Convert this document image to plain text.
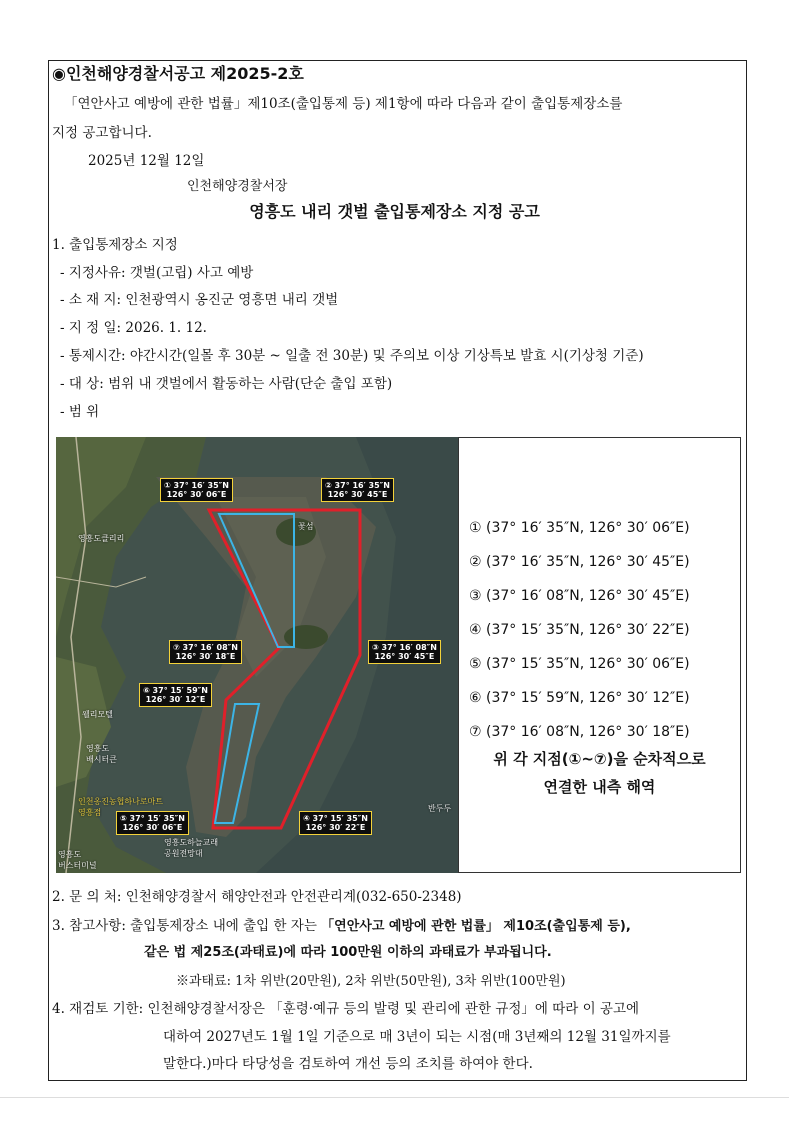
◉인천해양경찰서공고 제2025-2호
「연안사고 예방에 관한 법률」제10조(출입통제 등) 제1항에 따라 다음과 같이 출입통제장소를
지정 공고합니다.
2025년 12월 12일
인천해양경찰서장
영흥도 내리 갯벌 출입통제장소 지정 공고
1. 출입통제장소 지정
- 지정사유: 갯벌(고립) 사고 예방
- 소 재 지: 인천광역시 옹진군 영흥면 내리 갯벌
- 지 정 일: 2026. 1. 12.
- 통제시간: 야간시간(일몰 후 30분 ~ 일출 전 30분) 및 주의보 이상 기상특보 발효 시(기상청 기준)
- 대 상: 범위 내 갯벌에서 활동하는 사람(단순 출입 포함)
- 범 위
① 37° 16′ 35″N
126° 30′ 06″E
② 37° 16′ 35″N
126° 30′ 45″E
③ 37° 16′ 08″N
126° 30′ 45″E
④ 37° 15′ 35″N
126° 30′ 22″E
⑤ 37° 15′ 35″N
126° 30′ 06″E
⑥ 37° 15′ 59″N
126° 30′ 12″E
⑦ 37° 16′ 08″N
126° 30′ 18″E
영흥도클리리
꽃섬
웰리모텔
영흥도
배시터큰
인천옹진농협하나로마트
영흥점
영흥도하늘교래
공원전망대
영흥도
버스터미널
반두두
① (37° 16′ 35″N, 126° 30′ 06″E)
② (37° 16′ 35″N, 126° 30′ 45″E)
③ (37° 16′ 08″N, 126° 30′ 45″E)
④ (37° 15′ 35″N, 126° 30′ 22″E)
⑤ (37° 15′ 35″N, 126° 30′ 06″E)
⑥ (37° 15′ 59″N, 126° 30′ 12″E)
⑦ (37° 16′ 08″N, 126° 30′ 18″E)
위 각 지점(①~⑦)을 순차적으로
연결한 내측 해역
2. 문 의 처: 인천해양경찰서 해양안전과 안전관리계(032-650-2348)
3. 참고사항: 출입통제장소 내에 출입 한 자는 「연안사고 예방에 관한 법률」 제10조(출입통제 등),
같은 법 제25조(과태료)에 따라 100만원 이하의 과태료가 부과됩니다.
※과태료: 1차 위반(20만원), 2차 위반(50만원), 3차 위반(100만원)
4. 재검토 기한: 인천해양경찰서장은 「훈령·예규 등의 발령 및 관리에 관한 규정」에 따라 이 공고에
대하여 2027년도 1월 1일 기준으로 매 3년이 되는 시점(매 3년째의 12월 31일까지를
말한다.)마다 타당성을 검토하여 개선 등의 조치를 하여야 한다.
